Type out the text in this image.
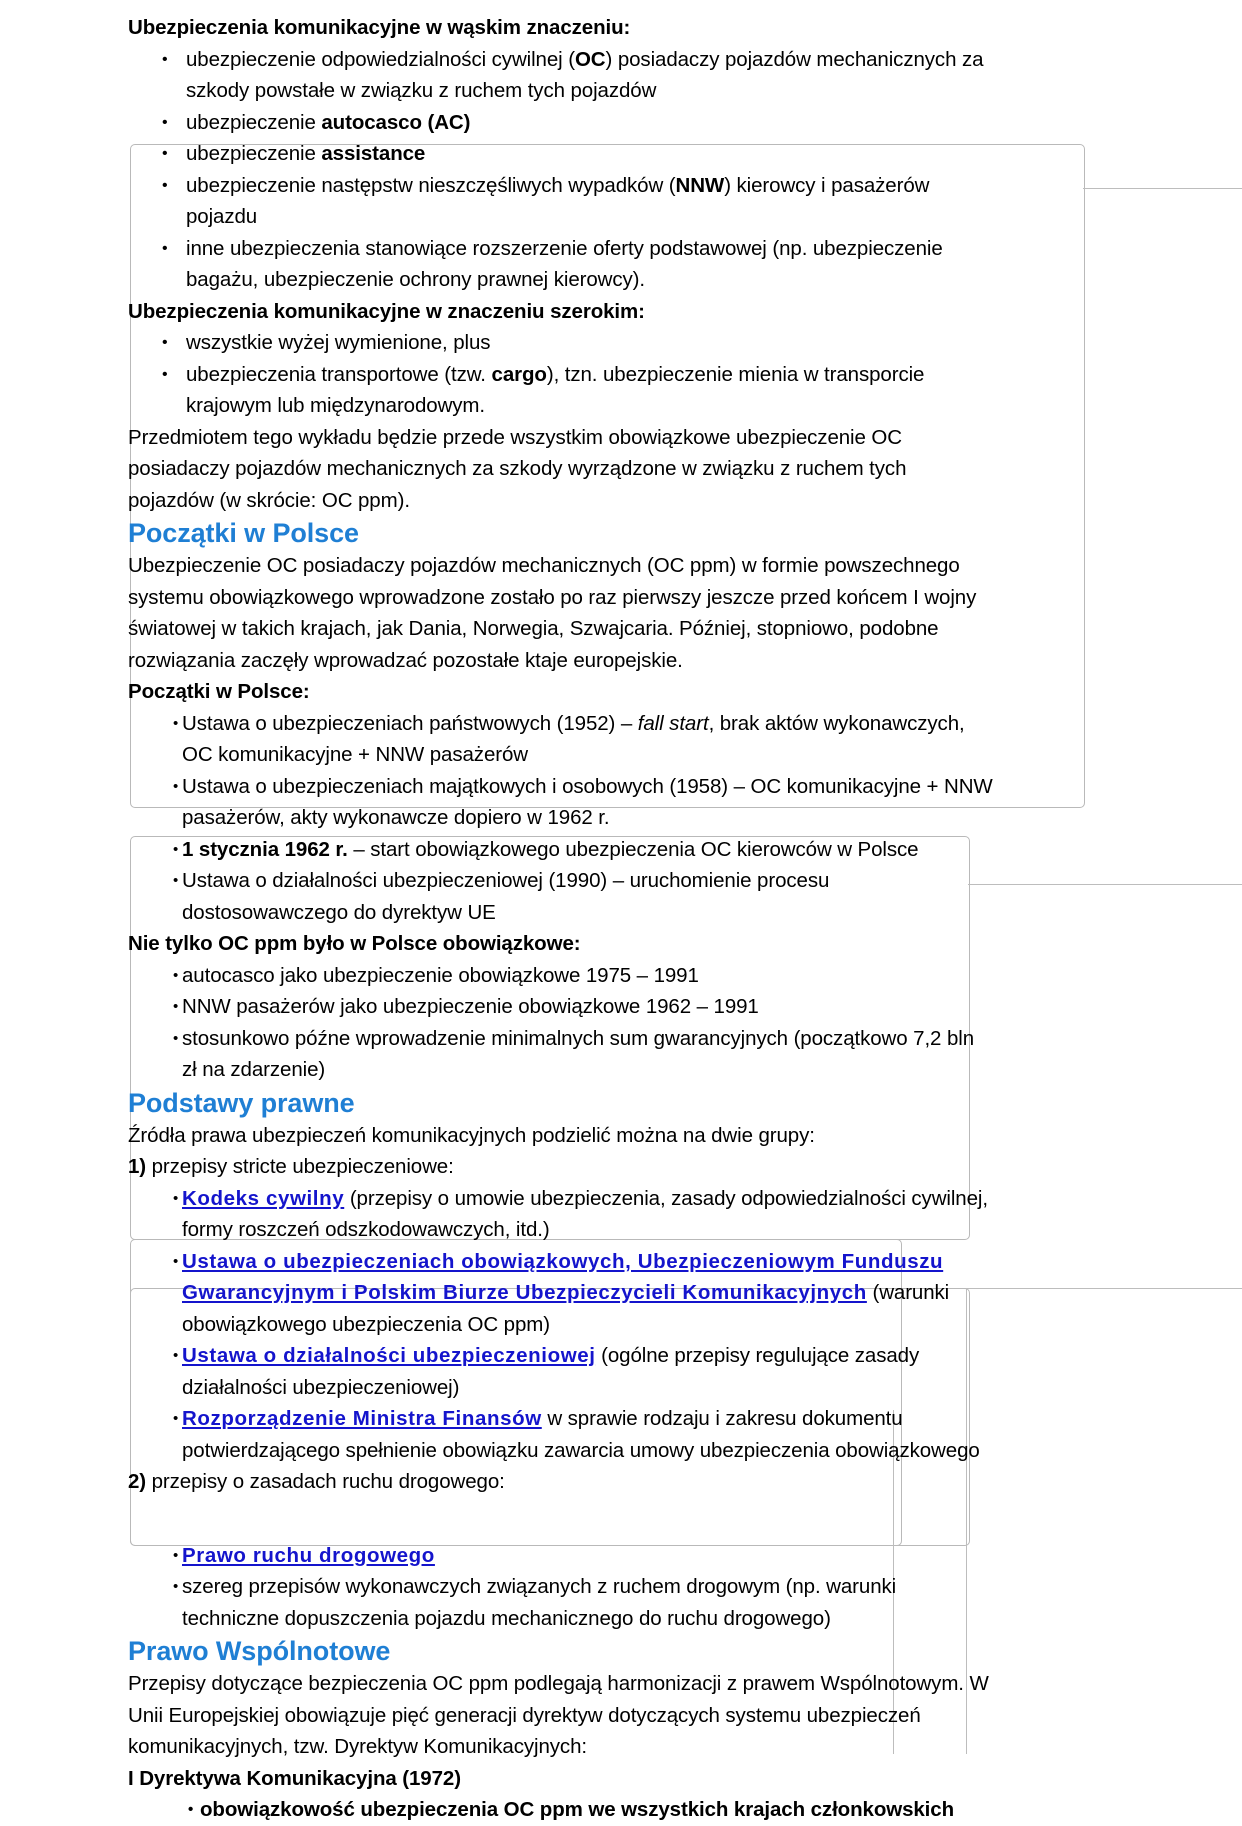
Ubezpieczenia komunikacyjne w wąskim znaczeniu:

• ubezpieczenie odpowiedzialności cywilnej (OC) posiadaczy pojazdów mechanicznych za szkody powstałe w związku z ruchem tych pojazdów
• ubezpieczenie autocasco (AC)
• ubezpieczenie assistance
• ubezpieczenie następstw nieszczęśliwych wypadków (NNW) kierowcy i pasażerów pojazdu
• inne ubezpieczenia stanowiące rozszerzenie oferty podstawowej (np. ubezpieczenie bagażu, ubezpieczenie ochrony prawnej kierowcy).

Ubezpieczenia komunikacyjne w znaczeniu szerokim:

• wszystkie wyżej wymienione, plus
• ubezpieczenia transportowe (tzw. cargo), tzn. ubezpieczenie mienia w transporcie krajowym lub międzynarodowym.

Przedmiotem tego wykładu będzie przede wszystkim obowiązkowe ubezpieczenie OC posiadaczy pojazdów mechanicznych za szkody wyrządzone w związku z ruchem tych pojazdów (w skrócie: OC ppm).

Początki w Polsce

Ubezpieczenie OC posiadaczy pojazdów mechanicznych (OC ppm) w formie powszechnego systemu obowiązkowego wprowadzone zostało po raz pierwszy jeszcze przed końcem I wojny światowej w takich krajach, jak Dania, Norwegia, Szwajcaria. Później, stopniowo, podobne rozwiązania zaczęły wprowadzać pozostałe ktaje europejskie.

Początki w Polsce:

• Ustawa o ubezpieczeniach państwowych (1952) – fall start, brak aktów wykonawczych, OC komunikacyjne + NNW pasażerów
• Ustawa o ubezpieczeniach majątkowych i osobowych (1958) – OC komunikacyjne + NNW pasażerów, akty wykonawcze dopiero w 1962 r.
• 1 stycznia 1962 r. – start obowiązkowego ubezpieczenia OC kierowców w Polsce
• Ustawa o działalności ubezpieczeniowej (1990) – uruchomienie procesu dostosowawczego do dyrektyw UE

Nie tylko OC ppm było w Polsce obowiązkowe:

• autocasco jako ubezpieczenie obowiązkowe 1975 – 1991
• NNW pasażerów jako ubezpieczenie obowiązkowe 1962 – 1991
• stosunkowo późne wprowadzenie minimalnych sum gwarancyjnych (początkowo 7,2 bln zł na zdarzenie)
Podstawy prawne

Źródła prawa ubezpieczeń komunikacyjnych podzielić można na dwie grupy:

1) przepisy stricte ubezpieczeniowe:

• Kodeks cywilny (przepisy o umowie ubezpieczenia, zasady odpowiedzialności cywilnej, formy roszczeń odszkodowawczych, itd.)
• Ustawa o ubezpieczeniach obowiązkowych, Ubezpieczeniowym Funduszu Gwarancyjnym i Polskim Biurze Ubezpieczycieli Komunikacyjnych (warunki obowiązkowego ubezpieczenia OC ppm)
• Ustawa o działalności ubezpieczeniowej (ogólne przepisy regulujące zasady działalności ubezpieczeniowej)
• Rozporządzenie Ministra Finansów w sprawie rodzaju i zakresu dokumentu potwierdzającego spełnienie obowiązku zawarcia umowy ubezpieczenia obowiązkowego

2) przepisy o zasadach ruchu drogowego:

• Prawo ruchu drogowego
• szereg przepisów wykonawczych związanych z ruchem drogowym (np. warunki techniczne dopuszczenia pojazdu mechanicznego do ruchu drogowego)
Prawo Wspólnotowe

Przepisy dotyczące bezpieczenia OC ppm podlegają harmonizacji z prawem Wspólnotowym. W Unii Europejskiej obowiązuje pięć generacji dyrektyw dotyczących systemu ubezpieczeń komunikacyjnych, tzw. Dyrektyw Komunikacyjnych:

I Dyrektywa Komunikacyjna (1972)

• obowiązkowość ubezpieczenia OC ppm we wszystkich krajach członkowskich
